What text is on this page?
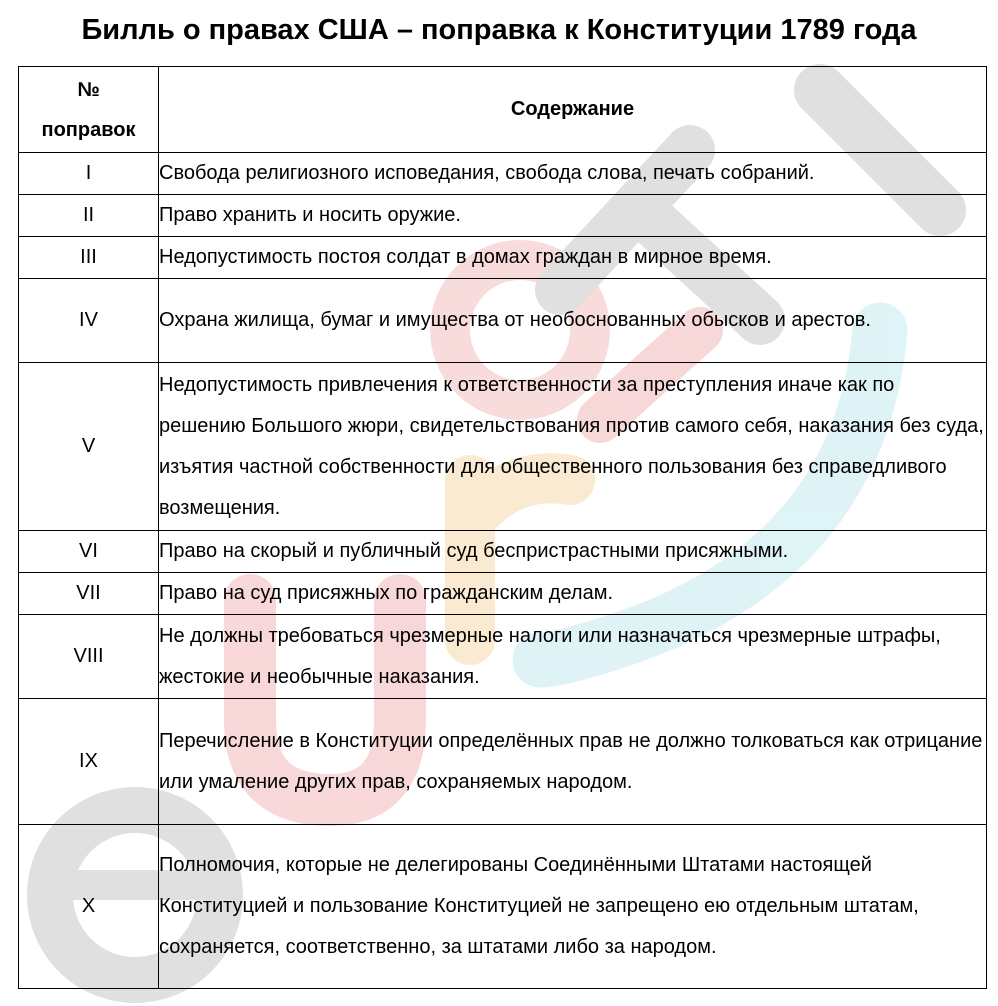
Билль о правах США – поправка к Конституции 1789 года
№
поправок	Содержание
I	Свобода религиозного исповедания, свобода слова, печать собраний.
II	Право хранить и носить оружие.
III	Недопустимость постоя солдат в домах граждан в мирное время.
IV	Охрана жилища, бумаг и имущества от необоснованных обысков и арестов.
V	Недопустимость привлечения к ответственности за преступления иначе как по решению Большого жюри, свидетельствования против самого себя, наказания без суда, изъятия частной собственности для общественного пользования без справедливого возмещения.
VI	Право на скорый и публичный суд беспристрастными присяжными.
VII	Право на суд присяжных по гражданским делам.
VIII	Не должны требоваться чрезмерные налоги или назначаться чрезмерные штрафы, жестокие и необычные наказания.
IX	Перечисление в Конституции определённых прав не должно толковаться как отрицание или умаление других прав, сохраняемых народом.
X	Полномочия, которые не делегированы Соединёнными Штатами настоящей Конституцией и пользование Конституцией не запрещено ею отдельным штатам, сохраняется, соответственно, за штатами либо за народом.
